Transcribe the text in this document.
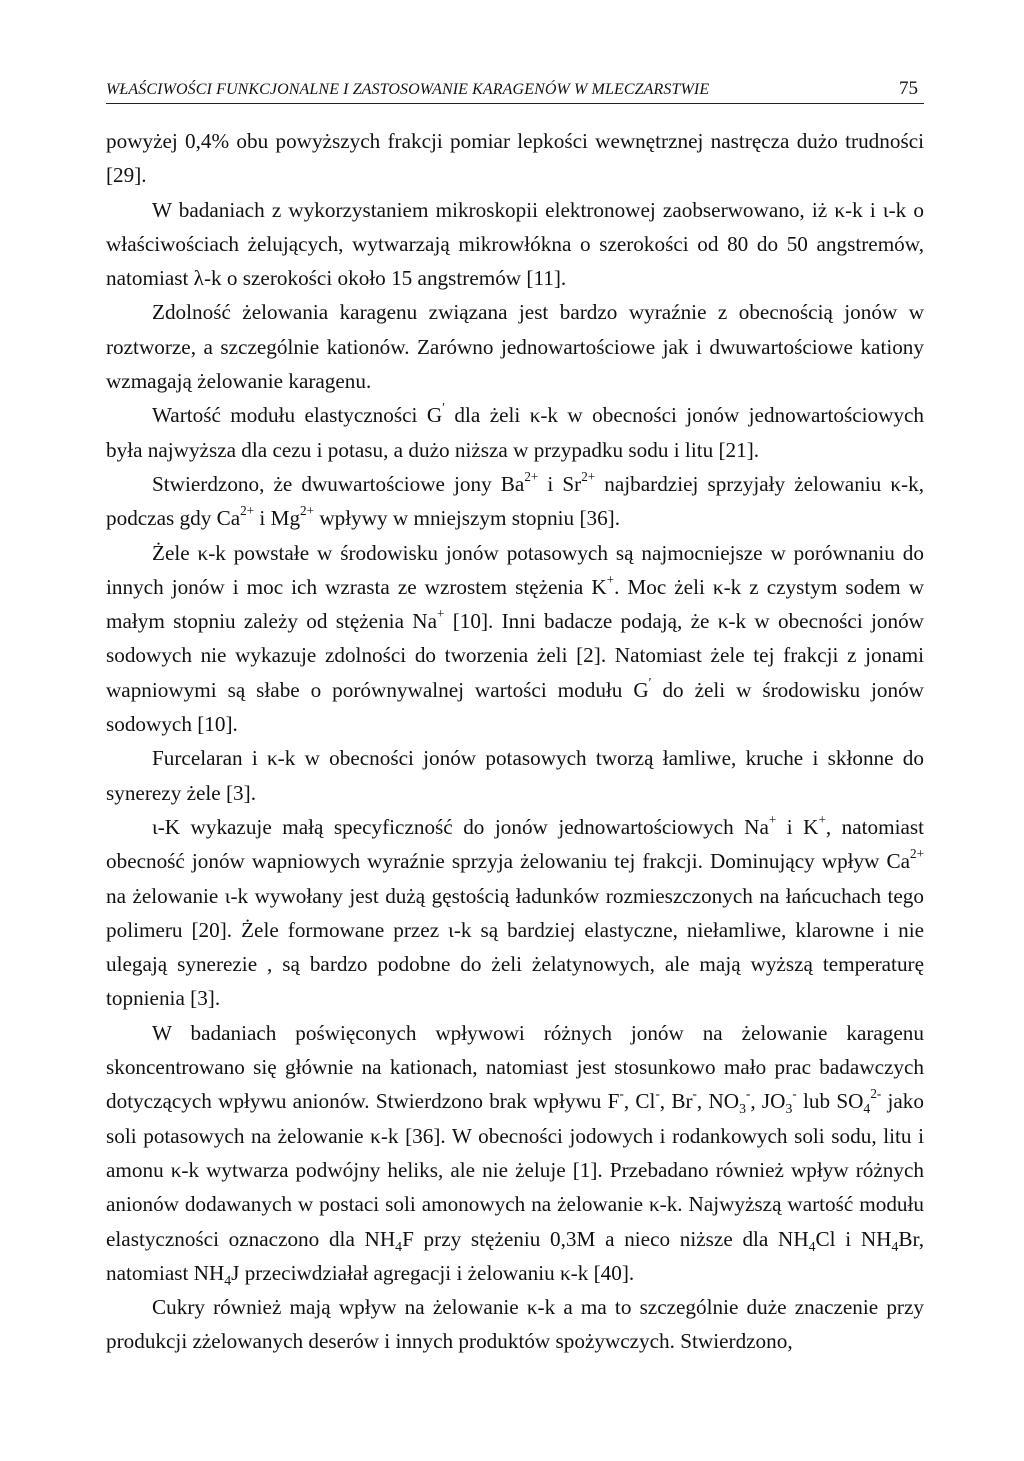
WŁAŚCIWOŚCI FUNKCJONALNE I ZASTOSOWANIE KARAGENÓW W MLECZARSTWIE	75

powyżej 0,4% obu powyższych frakcji pomiar lepkości wewnętrznej nastręcza dużo trudności [29].

W badaniach z wykorzystaniem mikroskopii elektronowej zaobserwowano, iż κ-k i ι-k o właściwościach żelujących, wytwarzają mikrowłókna o szerokości od 80 do 50 angstremów, natomiast λ-k o szerokości około 15 angstremów [11].

Zdolność żelowania karagenu związana jest bardzo wyraźnie z obecnością jonów w roztworze, a szczególnie kationów. Zarówno jednowartościowe jak i dwuwartościowe kationy wzmagają żelowanie karagenu.

Wartość modułu elastyczności G′ dla żeli κ-k w obecności jonów jednowartościowych była najwyższa dla cezu i potasu, a dużo niższa w przypadku sodu i litu [21].

Stwierdzono, że dwuwartościowe jony $Ba^{2+}$ i $Sr^{2+}$ najbardziej sprzyjały żelowaniu κ-k, podczas gdy $Ca^{2+}$ i $Mg^{2+}$ wpływy w mniejszym stopniu [36].

Żele κ-k powstałe w środowisku jonów potasowych są najmocniejsze w porównaniu do innych jonów i moc ich wzrasta ze wzrostem stężenia K+. Moc żeli κ-k z czystym sodem w małym stopniu zależy od stężenia Na+ [10]. Inni badacze podają, że κ-k w obecności jonów sodowych nie wykazuje zdolności do tworzenia żeli [2]. Natomiast żele tej frakcji z jonami wapniowymi są słabe o porównywalnej wartości modułu G′ do żeli w środowisku jonów sodowych [10].

Furcelaran i κ-k w obecności jonów potasowych tworzą łamliwe, kruche i skłonne do synerezy żele [3].

ι-K wykazuje małą specyficzność do jonów jednowartościowych Na+ i K+, natomiast obecność jonów wapniowych wyraźnie sprzyja żelowaniu tej frakcji. Dominujący wpływ $Ca^{2+}$ na żelowanie ι-k wywołany jest dużą gęstością ładunków rozmieszczonych na łańcuchach tego polimeru [20]. Żele formowane przez ι-k są bardziej elastyczne, niełamliwe, klarowne i nie ulegają synerezie , są bardzo podobne do żeli żelatynowych, ale mają wyższą temperaturę topnienia [3].

W badaniach poświęconych wpływowi różnych jonów na żelowanie karagenu skoncentrowano się głównie na kationach, natomiast jest stosunkowo mało prac badawczych dotyczących wpływu anionów. Stwierdzono brak wpływu F-, Cl-, Br-, $NO_3^-$, $JO_3^-$ lub $SO_4^{2-}$ jako soli potasowych na żelowanie κ-k [36]. W obecności jodowych i rodankowych soli sodu, litu i amonu κ-k wytwarza podwójny heliks, ale nie żeluje [1]. Przebadano również wpływ różnych anionów dodawanych w postaci soli amonowych na żelowanie κ-k. Najwyższą wartość modułu elastyczności oznaczono dla $NH_4F$ przy stężeniu 0,3M a nieco niższe dla $NH_4Cl$ i $NH_4Br$, natomiast $NH_4J$ przeciwdziałał agregacji i żelowaniu κ-k [40].

Cukry również mają wpływ na żelowanie κ-k a ma to szczególnie duże znaczenie przy produkcji zżelowanych deserów i innych produktów spożywczych. Stwierdzono,
